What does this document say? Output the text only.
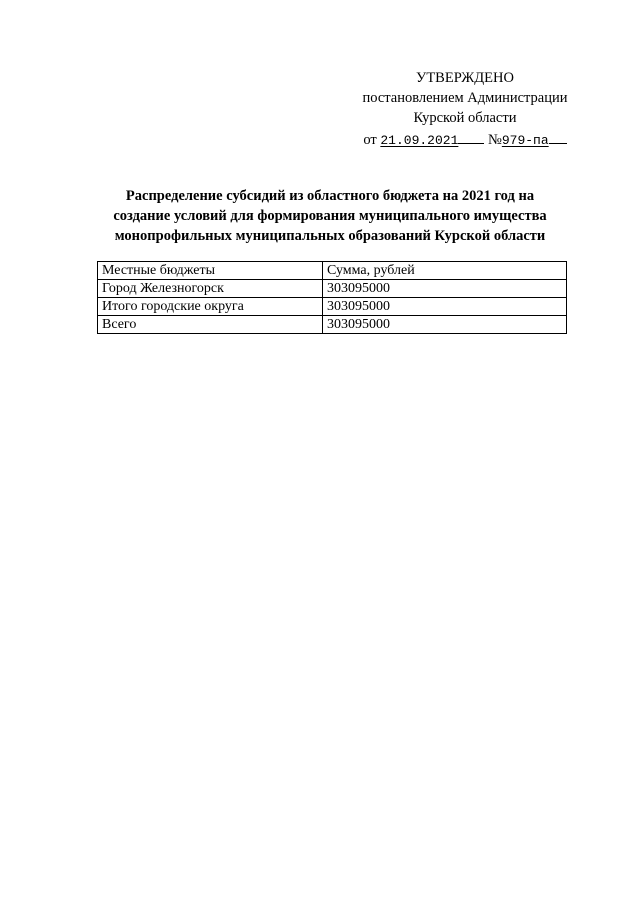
УТВЕРЖДЕНО
постановлением Администрации
Курской области
от 21.09.2021 №979-па
Распределение субсидий из областного бюджета на 2021 год на
создание условий для формирования муниципального имущества
монопрофильных муниципальных образований Курской области
Местные бюджеты	Сумма, рублей
Город Железногорск	303095000
Итого городские округа	303095000
Всего	303095000
